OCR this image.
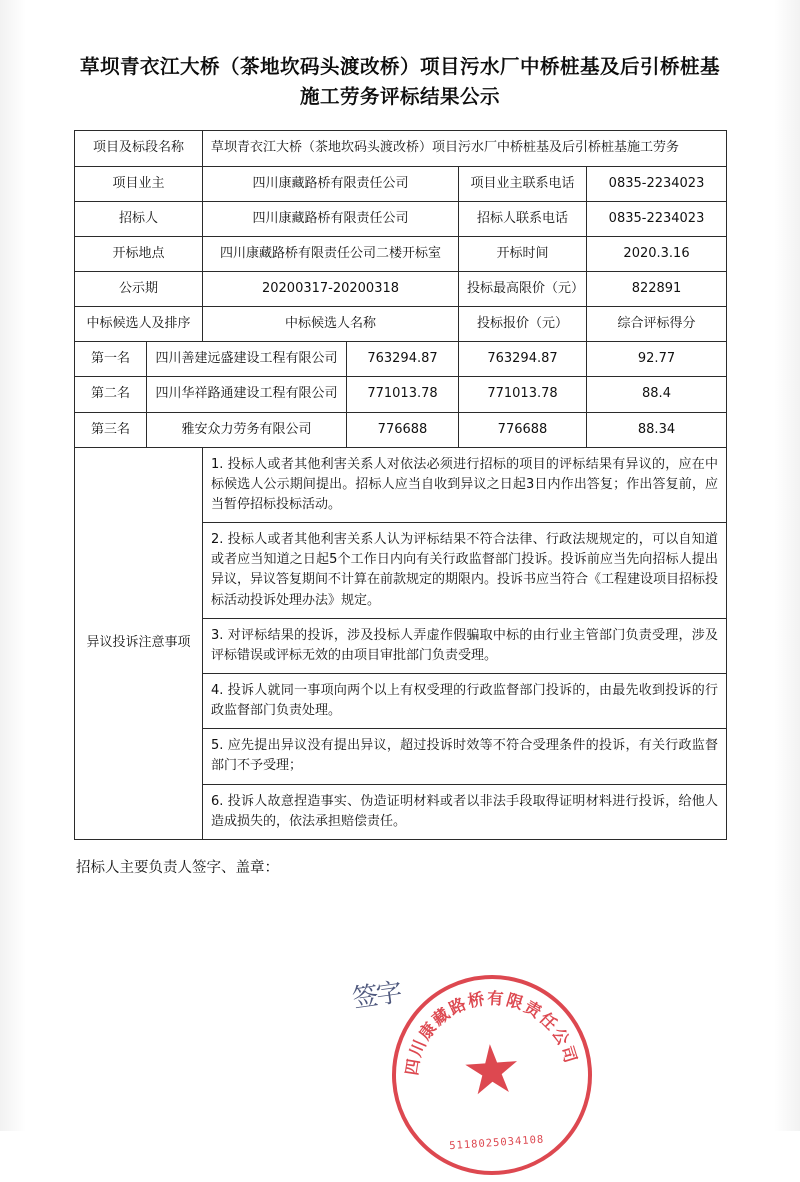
草坝青衣江大桥（茶地坎码头渡改桥）项目污水厂中桥桩基及后引桥桩基施工劳务评标结果公示
项目及标段名称	草坝青衣江大桥（茶地坎码头渡改桥）项目污水厂中桥桩基及后引桥桩基施工劳务		
项目业主	四川康藏路桥有限责任公司	项目业主联系电话	0835-2234023
招标人	四川康藏路桥有限责任公司	招标人联系电话	0835-2234023
开标地点	四川康藏路桥有限责任公司二楼开标室	开标时间	2020.3.16
公示期	20200317-20200318	投标最高限价（元）	822891
中标候选人及排序	中标候选人名称	投标报价（元）	综合评标得分
第一名	四川善建远盛建设工程有限公司	763294.87	763294.87	92.77
第二名	四川华祥路通建设工程有限公司	771013.78	771013.78	88.4
第三名	雅安众力劳务有限公司	776688	776688	88.34
异议投诉注意事项	1. 投标人或者其他利害关系人对依法必须进行招标的项目的评标结果有异议的，应在中标候选人公示期间提出。招标人应当自收到异议之日起3日内作出答复；作出答复前，应当暂停招标投标活动。
2. 投标人或者其他利害关系人认为评标结果不符合法律、行政法规规定的，可以自知道或者应当知道之日起5个工作日内向有关行政监督部门投诉。投诉前应当先向招标人提出异议，异议答复期间不计算在前款规定的期限内。投诉书应当符合《工程建设项目招标投标活动投诉处理办法》规定。
3. 对评标结果的投诉，涉及投标人弄虚作假骗取中标的由行业主管部门负责受理，涉及评标错误或评标无效的由项目审批部门负责受理。
4. 投诉人就同一事项向两个以上有权受理的行政监督部门投诉的，由最先收到投诉的行政监督部门负责处理。
5. 应先提出异议没有提出异议，超过投诉时效等不符合受理条件的投诉，有关行政监督部门不予受理；
6. 投诉人故意捏造事实、伪造证明材料或者以非法手段取得证明材料进行投诉，给他人造成损失的，依法承担赔偿责任。
招标人主要负责人签字、盖章：
签字
四川康藏路桥有限责任公司
5118025034108
